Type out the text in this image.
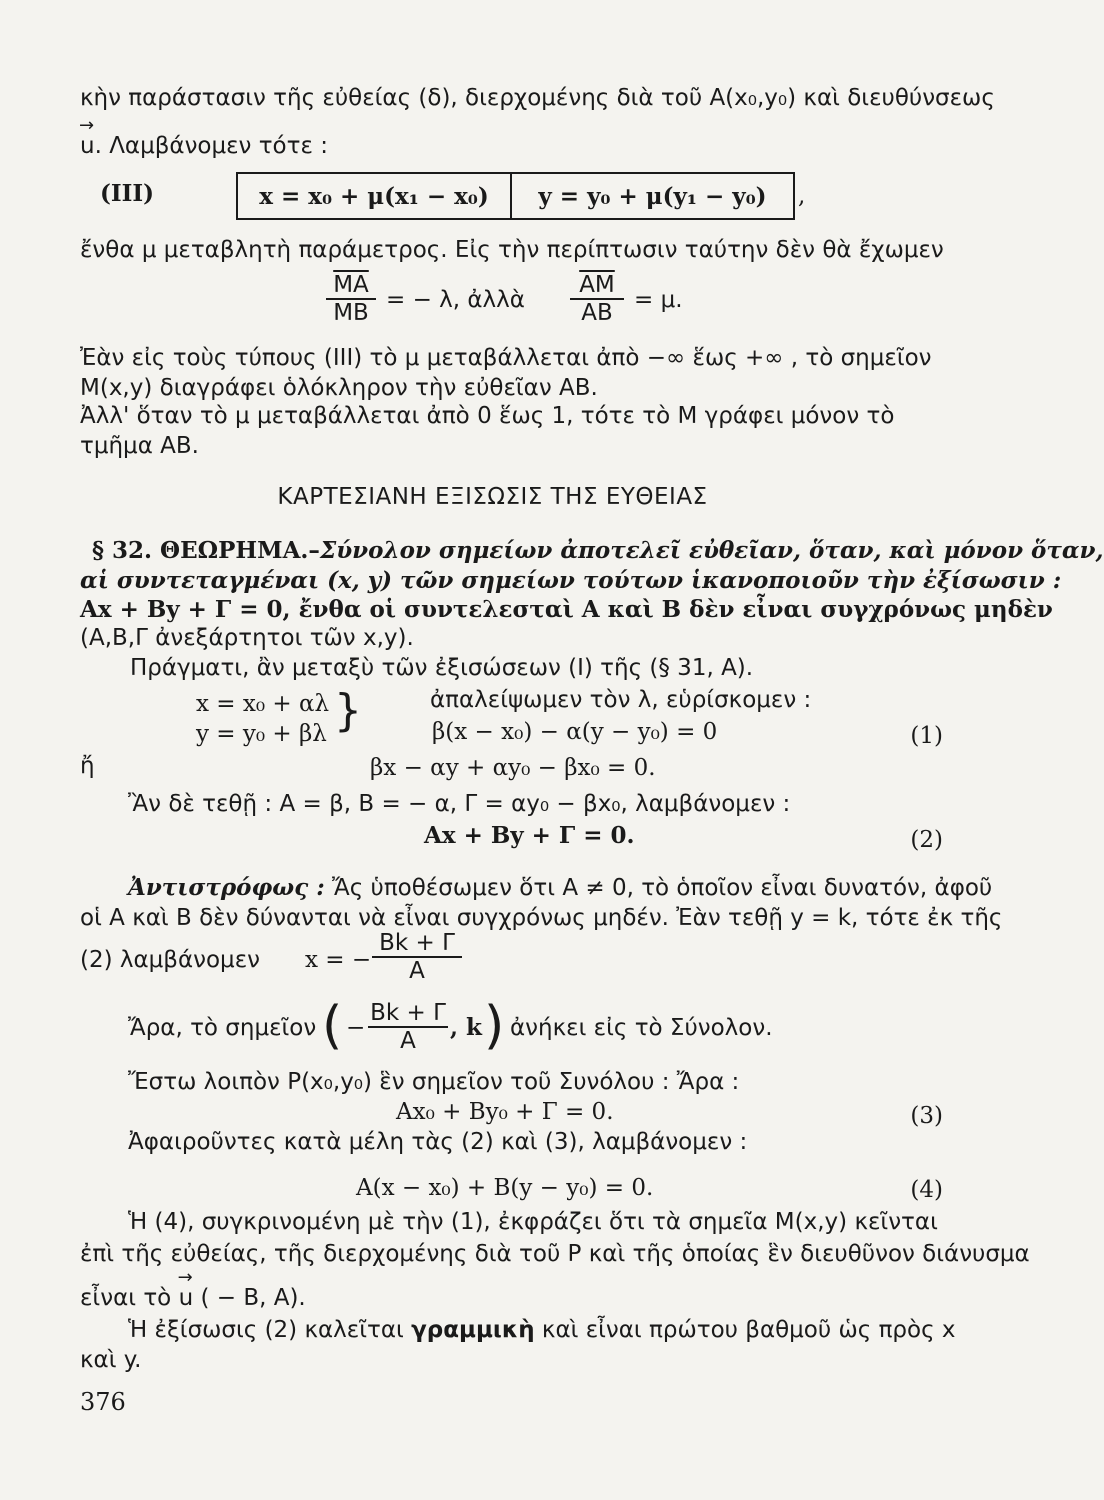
κὴν παράστασιν τῆς εὐθείας (δ), διερχομένης διὰ τοῦ Α(x₀,y₀) καὶ διευθύνσεως
→ u. Λαμβάνομεν τότε :
(ΙΙΙ)	x = x₀ + μ(x₁ − x₀)	y = y₀ + μ(y₁ − y₀)	,
ἔνθα μ μεταβλητὴ παράμετρος. Εἰς τὴν περίπτωσιν ταύτην δὲν θὰ ἔχωμεν
$\frac{\overline{MA}}{MB}$ = − λ, ἀλλὰ $\frac{\overline{AM}}{AB} = \mu$.
Ἐὰν εἰς τοὺς τύπους (ΙΙΙ) τὸ μ μεταβάλλεται ἀπὸ −∞ ἕως +∞ , τὸ σημεῖον
Μ(x,y) διαγράφει ὁλόκληρον τὴν εὐθεῖαν ΑΒ.
Ἀλλ' ὅταν τὸ μ μεταβάλλεται ἀπὸ 0 ἕως 1, τότε τὸ Μ γράφει μόνον τὸ
τμῆμα ΑΒ.
ΚΑΡΤΕΣΙΑΝΗ ΕΞΙΣΩΣΙΣ ΤΗΣ ΕΥΘΕΙΑΣ
§ 32. ΘΕΩΡΗΜΑ.–Σύνολον σημείων ἀποτελεῖ εὐθεῖαν, ὅταν, καὶ μόνον ὅταν,
αἱ συντεταγμέναι (x, y) τῶν σημείων τούτων ἱκανοποιοῦν τὴν ἐξίσωσιν :
Ax + By + Γ = 0, ἔνθα οἱ συντελεσταὶ Α καὶ Β δὲν εἶναι συγχρόνως μηδὲν
(Α,Β,Γ ἀνεξάρτητοι τῶν x,y).
Πράγματι, ἂν μεταξὺ τῶν ἐξισώσεων (Ι) τῆς (§ 31, Α).
x = x₀ + αλ
y = y₀ + βλ }	ἀπαλείψωμεν τὸν λ, εὑρίσκομεν :
β(x − x₀) − α(y − y₀) = 0	(1)
ἤ	βx − αy + αy₀ − βx₀ = 0.
Ἂν δὲ τεθῇ : Α = β, Β = − α, Γ = αy₀ − βx₀, λαμβάνομεν :
Ax + By + Γ = 0.	(2)
Ἀντιστρόφως : Ἄς ὑποθέσωμεν ὅτι Α ≠ 0, τὸ ὁποῖον εἶναι δυνατόν, ἀφοῦ
οἱ Α καὶ Β δὲν δύνανται νὰ εἶναι συγχρόνως μηδέν. Ἐὰν τεθῇ y = k, τότε ἐκ τῆς
(2) λαμβάνομεν x = − $\frac{Bk + \Gamma}{A}$
Ἄρα, τὸ σημεῖον ( − $\frac{Bk + \Gamma}{A}$ , k ) ἀνήκει εἰς τὸ Σύνολον.
Ἔστω λοιπὸν Ρ(x₀,y₀) ἓν σημεῖον τοῦ Συνόλου : Ἄρα :
Ax₀ + By₀ + Γ = 0.	(3)
Ἀφαιροῦντες κατὰ μέλη τὰς (2) καὶ (3), λαμβάνομεν :
Α(x − x₀) + Β(y − y₀) = 0.	(4)
Ἡ (4), συγκρινομένη μὲ τὴν (1), ἐκφράζει ὅτι τὰ σημεῖα Μ(x,y) κεῖνται
ἐπὶ τῆς εὐθείας, τῆς διερχομένης διὰ τοῦ Ρ καὶ τῆς ὁποίας ἓν διευθῦνον διάνυσμα
εἶναι τὸ → u ( − Β, Α).
Ἡ ἐξίσωσις (2) καλεῖται γραμμικὴ καὶ εἶναι πρώτου βαθμοῦ ὡς πρὸς x
καὶ y.
376
